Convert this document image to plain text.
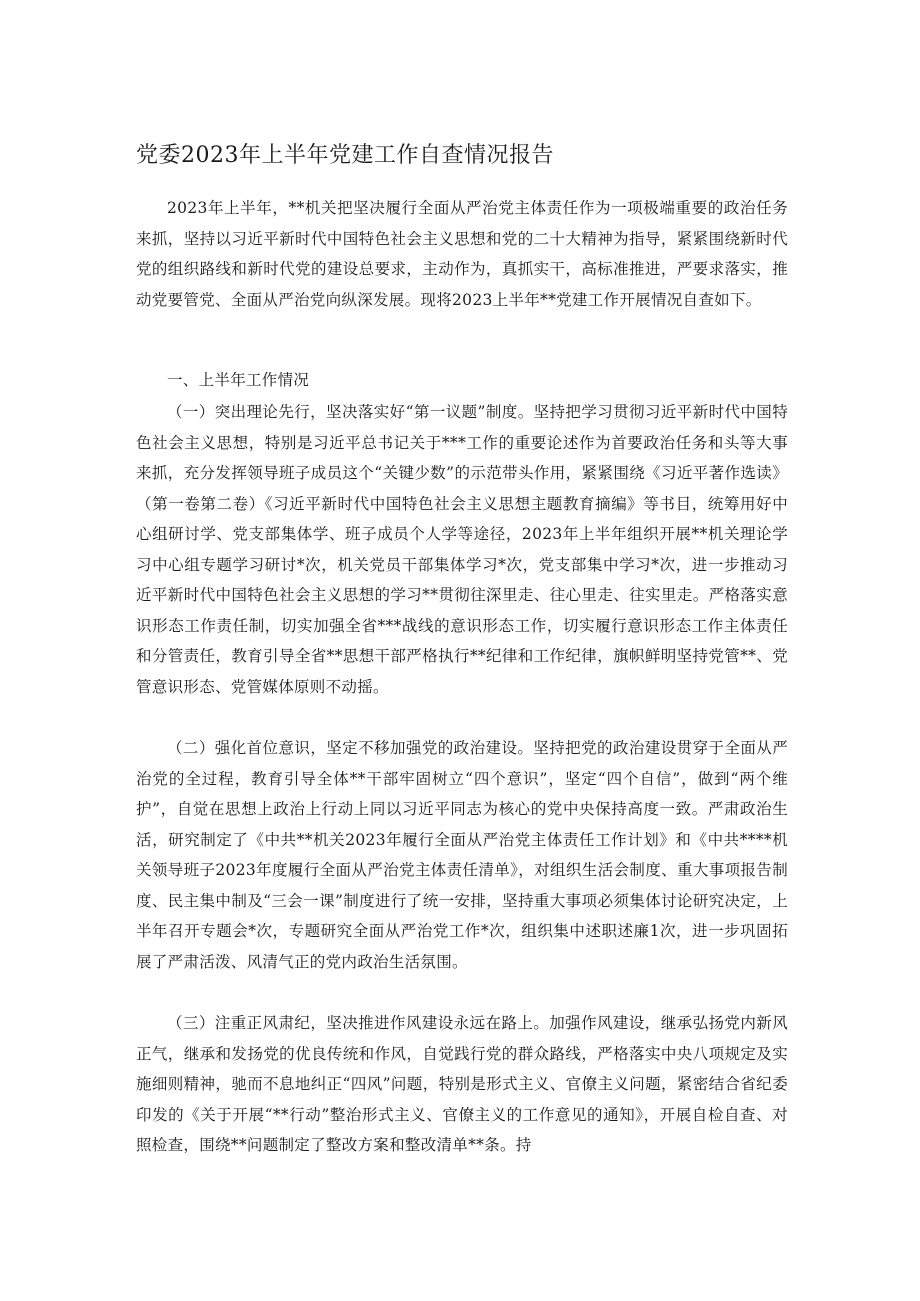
党委2023年上半年党建工作自查情况报告

2023年上半年，**机关把坚决履行全面从严治党主体责任作为一项极端重要的政治任务来抓，坚持以习近平新时代中国特色社会主义思想和党的二十大精神为指导，紧紧围绕新时代党的组织路线和新时代党的建设总要求，主动作为，真抓实干，高标准推进，严要求落实，推动党要管党、全面从严治党向纵深发展。现将2023上半年**党建工作开展情况自查如下。

一、上半年工作情况

（一）突出理论先行，坚决落实好“第一议题”制度。坚持把学习贯彻习近平新时代中国特色社会主义思想，特别是习近平总书记关于***工作的重要论述作为首要政治任务和头等大事来抓，充分发挥领导班子成员这个“关键少数”的示范带头作用，紧紧围绕《习近平著作选读》（第一卷第二卷）《习近平新时代中国特色社会主义思想主题教育摘编》等书目，统筹用好中心组研讨学、党支部集体学、班子成员个人学等途径，2023年上半年组织开展**机关理论学习中心组专题学习研讨*次，机关党员干部集体学习*次，党支部集中学习*次，进一步推动习近平新时代中国特色社会主义思想的学习**贯彻往深里走、往心里走、往实里走。严格落实意识形态工作责任制，切实加强全省***战线的意识形态工作，切实履行意识形态工作主体责任和分管责任，教育引导全省**思想干部严格执行**纪律和工作纪律，旗帜鲜明坚持党管**、党管意识形态、党管媒体原则不动摇。

（二）强化首位意识，坚定不移加强党的政治建设。坚持把党的政治建设贯穿于全面从严治党的全过程，教育引导全体**干部牢固树立“四个意识”，坚定“四个自信”，做到“两个维护”，自觉在思想上政治上行动上同以习近平同志为核心的党中央保持高度一致。严肃政治生活，研究制定了《中共**机关2023年履行全面从严治党主体责任工作计划》和《中共****机关领导班子2023年度履行全面从严治党主体责任清单》，对组织生活会制度、重大事项报告制度、民主集中制及“三会一课”制度进行了统一安排，坚持重大事项必须集体讨论研究决定，上半年召开专题会*次，专题研究全面从严治党工作*次，组织集中述职述廉1次，进一步巩固拓展了严肃活泼、风清气正的党内政治生活氛围。

（三）注重正风肃纪，坚决推进作风建设永远在路上。加强作风建设，继承弘扬党内新风正气，继承和发扬党的优良传统和作风，自觉践行党的群众路线，严格落实中央八项规定及实施细则精神，驰而不息地纠正“四风”问题，特别是形式主义、官僚主义问题，紧密结合省纪委印发的《关于开展“**行动”整治形式主义、官僚主义的工作意见的通知》，开展自检自查、对照检查，围绕**问题制定了整改方案和整改清单**条。持
